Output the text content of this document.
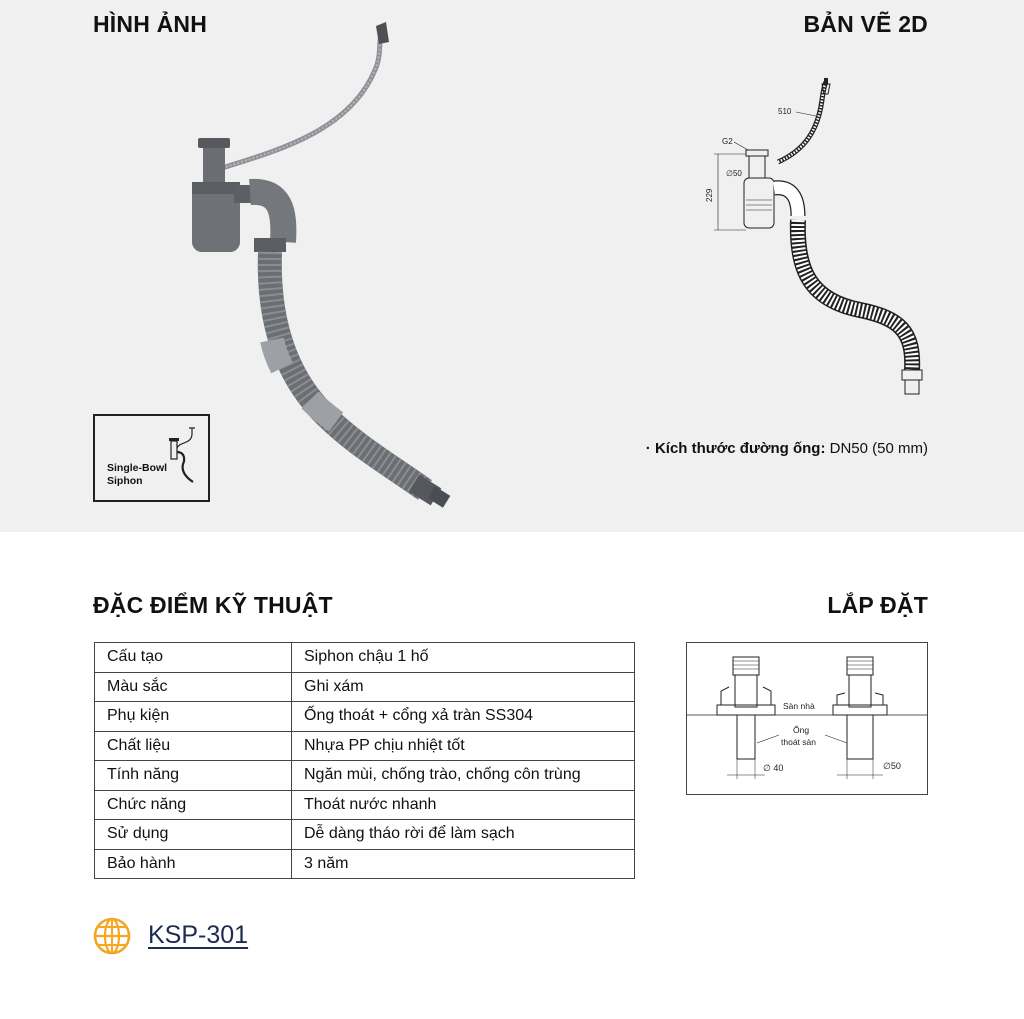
HÌNH ẢNH	BẢN VẼ 2D
Single-Bowl
Siphon
510
G2
∅50
229
· Kích thước đường ống: DN50 (50 mm)
ĐẶC ĐIỂM KỸ THUẬT	LẮP ĐẶT
Cấu tạo	Siphon chậu 1 hố
Màu sắc	Ghi xám
Phụ kiện	Ống thoát + cổng xả tràn SS304
Chất liệu	Nhựa PP chịu nhiệt tốt
Tính năng	Ngăn mùi, chống trào, chống côn trùng
Chức năng	Thoát nước nhanh
Sử dụng	Dễ dàng tháo rời để làm sạch
Bảo hành	3 năm
∅ 40
Sàn nhà
Ống
thoát sàn
∅50
KSP-301
